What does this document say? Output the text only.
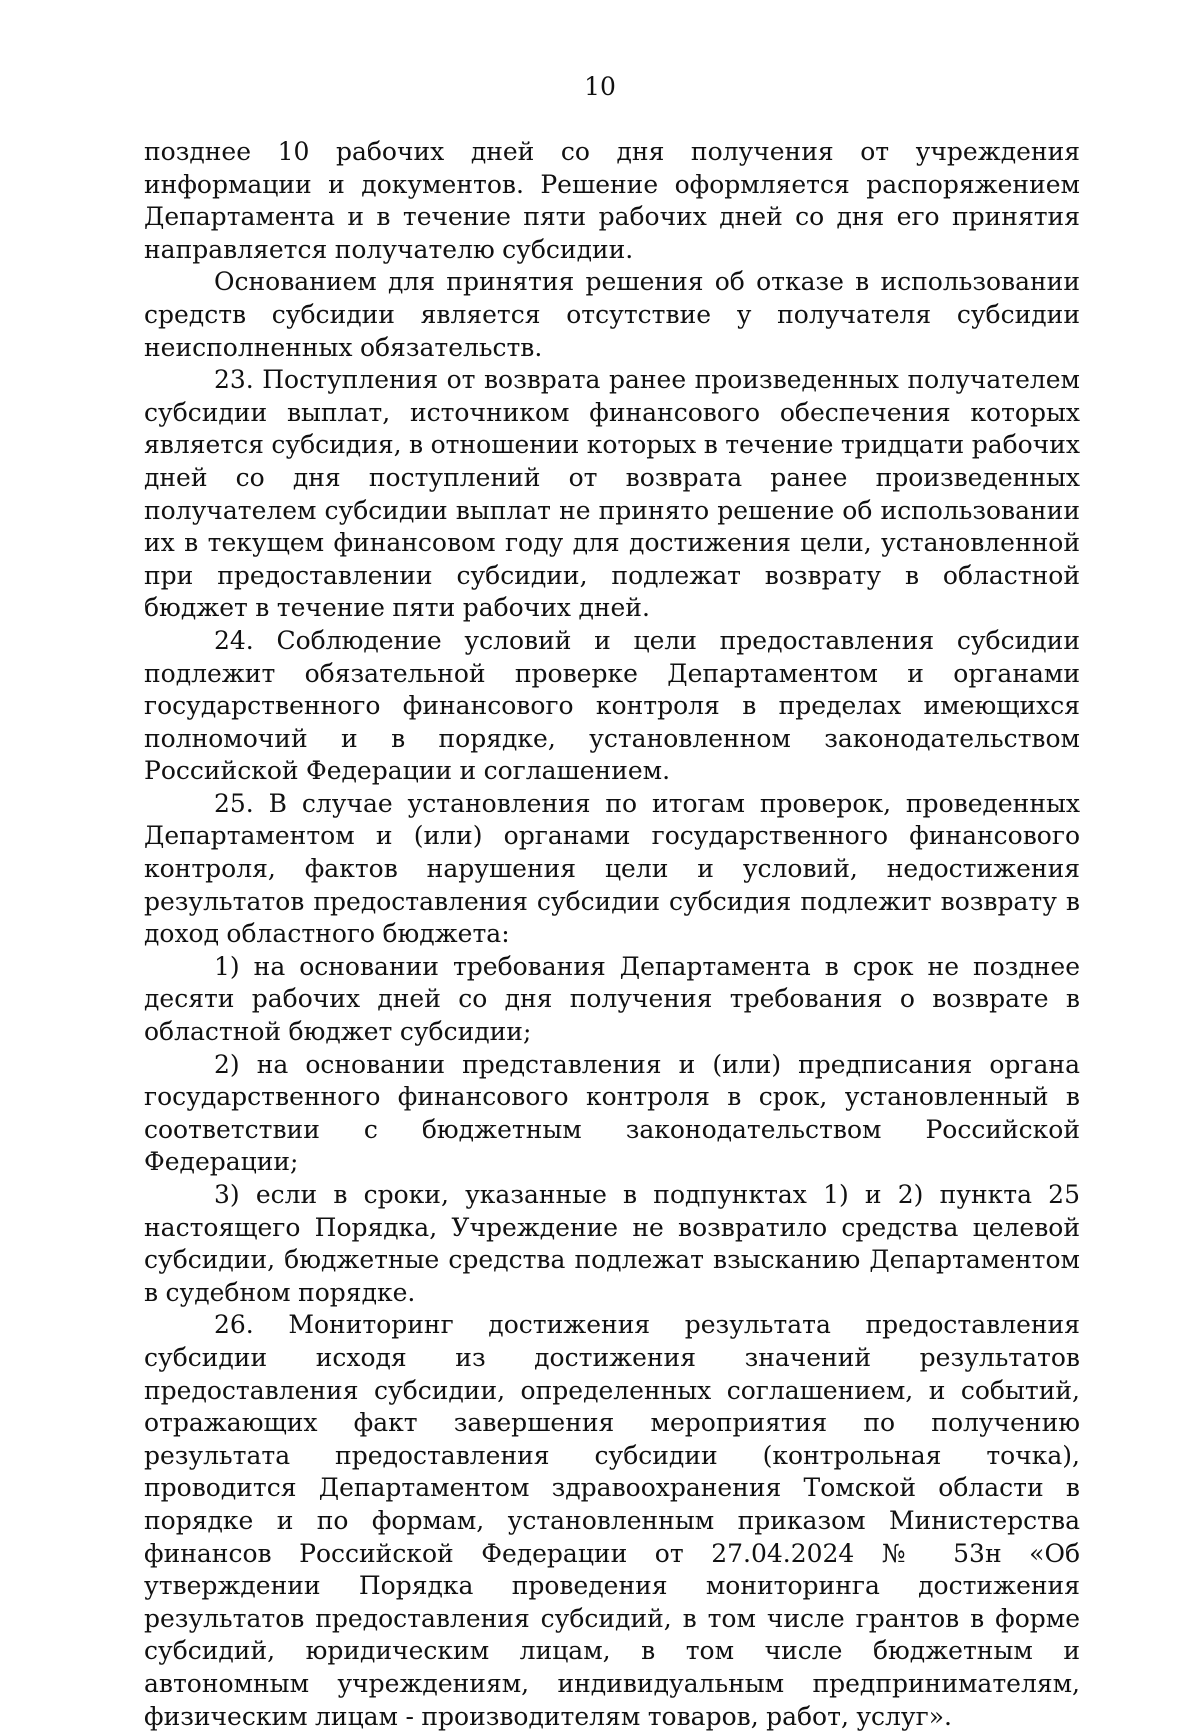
10

позднее 10 рабочих дней со дня получения от учреждения информации и документов. Решение оформляется распоряжением Департамента и в течение пяти рабочих дней со дня его принятия направляется получателю субсидии.

Основанием для принятия решения об отказе в использовании средств субсидии является отсутствие у получателя субсидии неисполненных обязательств.

23. Поступления от возврата ранее произведенных получателем субсидии выплат, источником финансового обеспечения которых является субсидия, в отношении которых в течение тридцати рабочих дней со дня поступлений от возврата ранее произведенных получателем субсидии выплат не принято решение об использовании их в текущем финансовом году для достижения цели, установленной при предоставлении субсидии, подлежат возврату в областной бюджет в течение пяти рабочих дней.

24. Соблюдение условий и цели предоставления субсидии подлежит обязательной проверке Департаментом и органами государственного финансового контроля в пределах имеющихся полномочий и в порядке, установленном законодательством Российской Федерации и соглашением.

25. В случае установления по итогам проверок, проведенных Департаментом и (или) органами государственного финансового контроля, фактов нарушения цели и условий, недостижения результатов предоставления субсидии субсидия подлежит возврату в доход областного бюджета:

1) на основании требования Департамента в срок не позднее десяти рабочих дней со дня получения требования о возврате в областной бюджет субсидии;

2) на основании представления и (или) предписания органа государственного финансового контроля в срок, установленный в соответствии с бюджетным законодательством Российской Федерации;

3) если в сроки, указанные в подпунктах 1) и 2) пункта 25 настоящего Порядка, Учреждение не возвратило средства целевой субсидии, бюджетные средства подлежат взысканию Департаментом в судебном порядке.

26. Мониторинг достижения результата предоставления субсидии исходя из достижения значений результатов предоставления субсидии, определенных соглашением, и событий, отражающих факт завершения мероприятия по получению результата предоставления субсидии (контрольная точка), проводится Департаментом здравоохранения Томской области в порядке и по формам, установленным приказом Министерства финансов Российской Федерации от 27.04.2024 № 53н «Об утверждении Порядка проведения мониторинга достижения результатов предоставления субсидий, в том числе грантов в форме субсидий, юридическим лицам, в том числе бюджетным и автономным учреждениям, индивидуальным предпринимателям, физическим лицам - производителям товаров, работ, услуг».
